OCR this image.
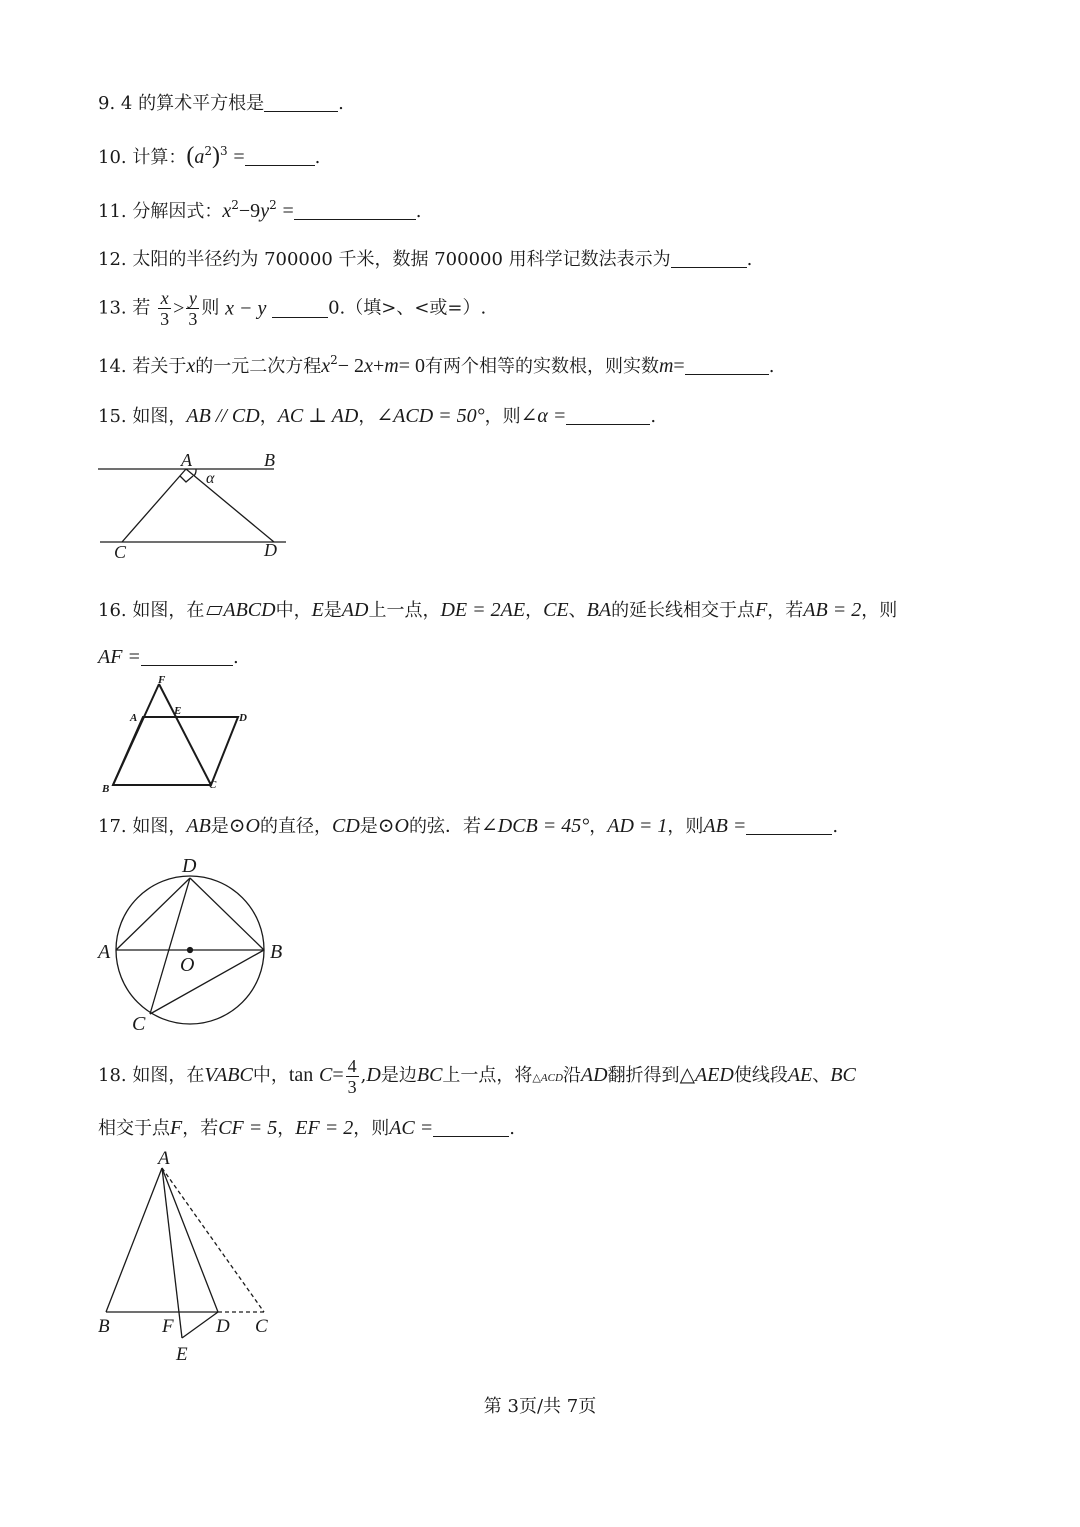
9. 4 的算术平方根是	.
10. 计算：$(a^2)^3$ =	.
11. 分解因式：$x^2-9y^2$ =	.
12. 太阳的半径约为 700000 千米，数据 700000 用科学记数法表示为	.
13. 若 $\frac{x}{3} > \frac{y}{3}$ 则 x − y	0.（填>、<或=）.
14. 若关于x的一元二次方程$x^2- 2x+m= 0$有两个相等的实数根，则实数m=	.
15. 如图，AB // CD，AC ⊥ AD，∠ACD = 50°，则∠α =	.
A	B
C	D
α
16. 如图，在 ABCD中，E是AD上一点，DE = 2AE，CE、BA的延长线相交于点F，若AB = 2，则
AF =	.
F
A
E
D
B	C
17. 如图，AB是⊙O的直径，CD是⊙O的弦．若∠DCB = 45°，AD = 1，则AB =	.
D
A	B
O
C
18. 如图，在VABC中，$\tan C= \frac{4}{3} ,D$是边BC上一点，将△ACD沿AD翻折得到△AED使线段AE、BC
相交于点F，若CF = 5，EF = 2，则AC =	.
A
B	F D C
E
第 3页/共 7页
